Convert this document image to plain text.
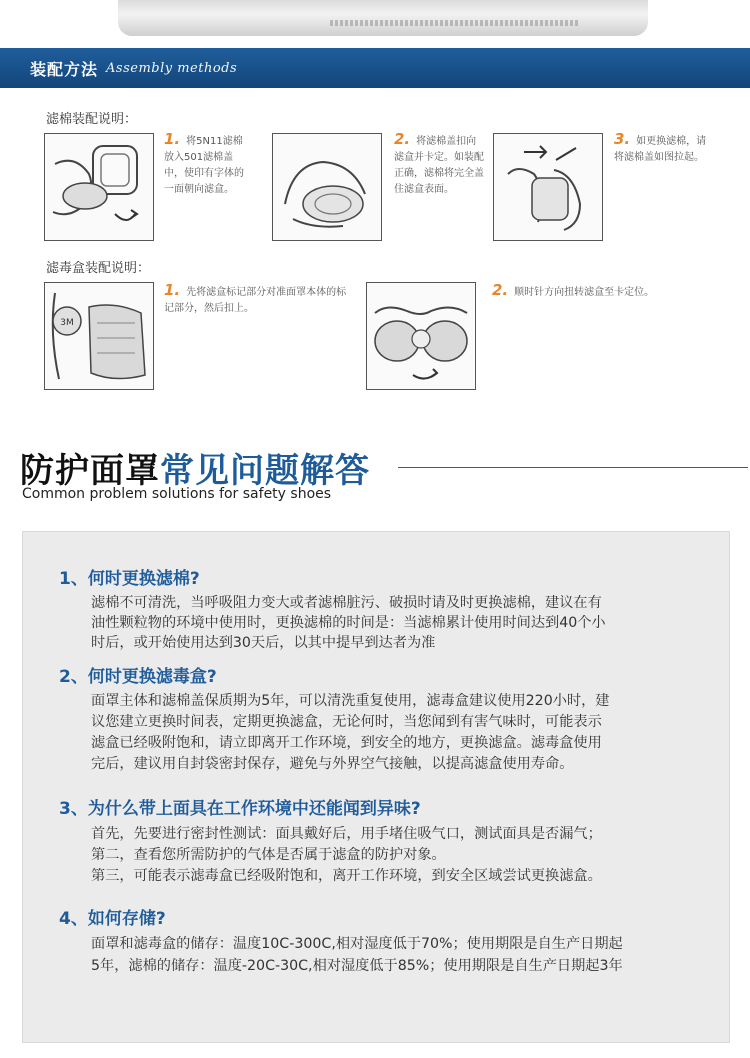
装配方法 Assembly methods
滤棉装配说明：
1. 将5N11滤棉放入501滤棉盖中，使印有字体的一面朝向滤盒。
2. 将滤棉盖扣向滤盒并卡定。如装配正确，滤棉将完全盖住滤盒表面。
3. 如更换滤棉，请将滤棉盖如图拉起。
滤毒盒装配说明：
3M
1. 先将滤盒标记部分对准面罩本体的标记部分，然后扣上。
2. 顺时针方向扭转滤盒至卡定位。
防护面罩 常见问题解答
Common problem solutions for safety shoes
1、何时更换滤棉?
滤棉不可清洗，当呼吸阻力变大或者滤棉脏污、破损时请及时更换滤棉，建议在有
油性颗粒物的环境中使用时，更换滤棉的时间是：当滤棉累计使用时间达到40个小
时后，或开始使用达到30天后，以其中提早到达者为准
2、何时更换滤毒盒?
面罩主体和滤棉盖保质期为5年，可以清洗重复使用，滤毒盒建议使用220小时，建
议您建立更换时间表，定期更换滤盒，无论何时，当您闻到有害气味时，可能表示
滤盒已经吸附饱和，请立即离开工作环境，到安全的地方，更换滤盒。滤毒盒使用
完后，建议用自封袋密封保存，避免与外界空气接触，以提高滤盒使用寿命。
3、为什么带上面具在工作环境中还能闻到异味?
首先，先要进行密封性测试：面具戴好后，用手堵住吸气口，测试面具是否漏气；
第二，查看您所需防护的气体是否属于滤盒的防护对象。
第三，可能表示滤毒盒已经吸附饱和，离开工作环境，到安全区域尝试更换滤盒。
4、如何存储?
面罩和滤毒盒的储存：温度10C-300C,相对湿度低于70%；使用期限是自生产日期起
5年，滤棉的储存：温度-20C-30C,相对湿度低于85%；使用期限是自生产日期起3年
